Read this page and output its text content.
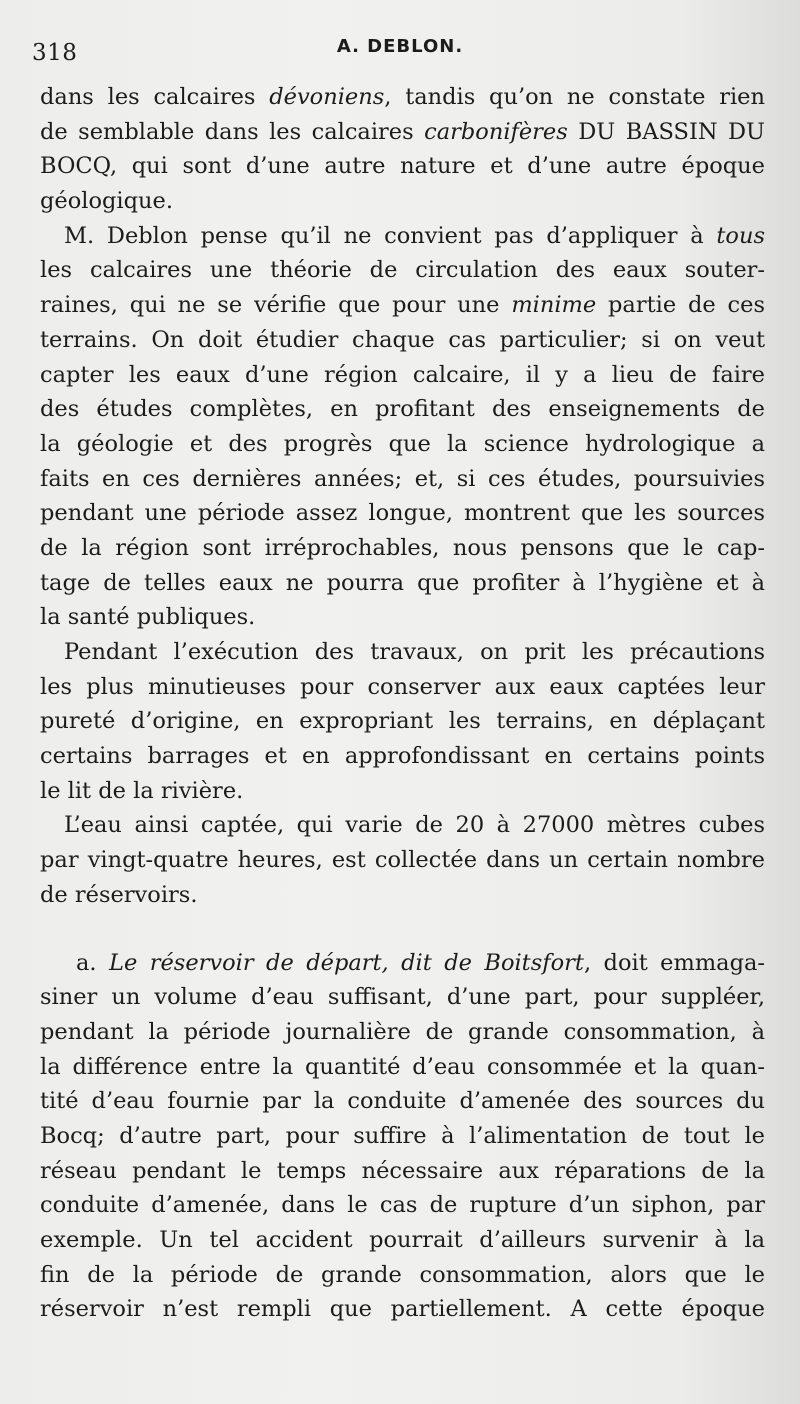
318	A. DEBLON.
dans les calcaires dévoniens, tandis qu’on ne constate rien
de semblable dans les calcaires carbonifères DU BASSIN DU
BOCQ, qui sont d’une autre nature et d’une autre époque
géologique.
M. Deblon pense qu’il ne convient pas d’appliquer à tous
les calcaires une théorie de circulation des eaux souter-
raines, qui ne se vérifie que pour une minime partie de ces
terrains. On doit étudier chaque cas particulier; si on veut
capter les eaux d’une région calcaire, il y a lieu de faire
des études complètes, en profitant des enseignements de
la géologie et des progrès que la science hydrologique a
faits en ces dernières années; et, si ces études, poursuivies
pendant une période assez longue, montrent que les sources
de la région sont irréprochables, nous pensons que le cap-
tage de telles eaux ne pourra que profiter à l’hygiène et à
la santé publiques.
Pendant l’exécution des travaux, on prit les précautions
les plus minutieuses pour conserver aux eaux captées leur
pureté d’origine, en expropriant les terrains, en déplaçant
certains barrages et en approfondissant en certains points
le lit de la rivière.
L’eau ainsi captée, qui varie de 20 à 27000 mètres cubes
par vingt-quatre heures, est collectée dans un certain nombre
de réservoirs.
a. Le réservoir de départ, dit de Boitsfort, doit emmaga-
siner un volume d’eau suffisant, d’une part, pour suppléer,
pendant la période journalière de grande consommation, à
la différence entre la quantité d’eau consommée et la quan-
tité d’eau fournie par la conduite d’amenée des sources du
Bocq; d’autre part, pour suffire à l’alimentation de tout le
réseau pendant le temps nécessaire aux réparations de la
conduite d’amenée, dans le cas de rupture d’un siphon, par
exemple. Un tel accident pourrait d’ailleurs survenir à la
fin de la période de grande consommation, alors que le
réservoir n’est rempli que partiellement. A cette époque
